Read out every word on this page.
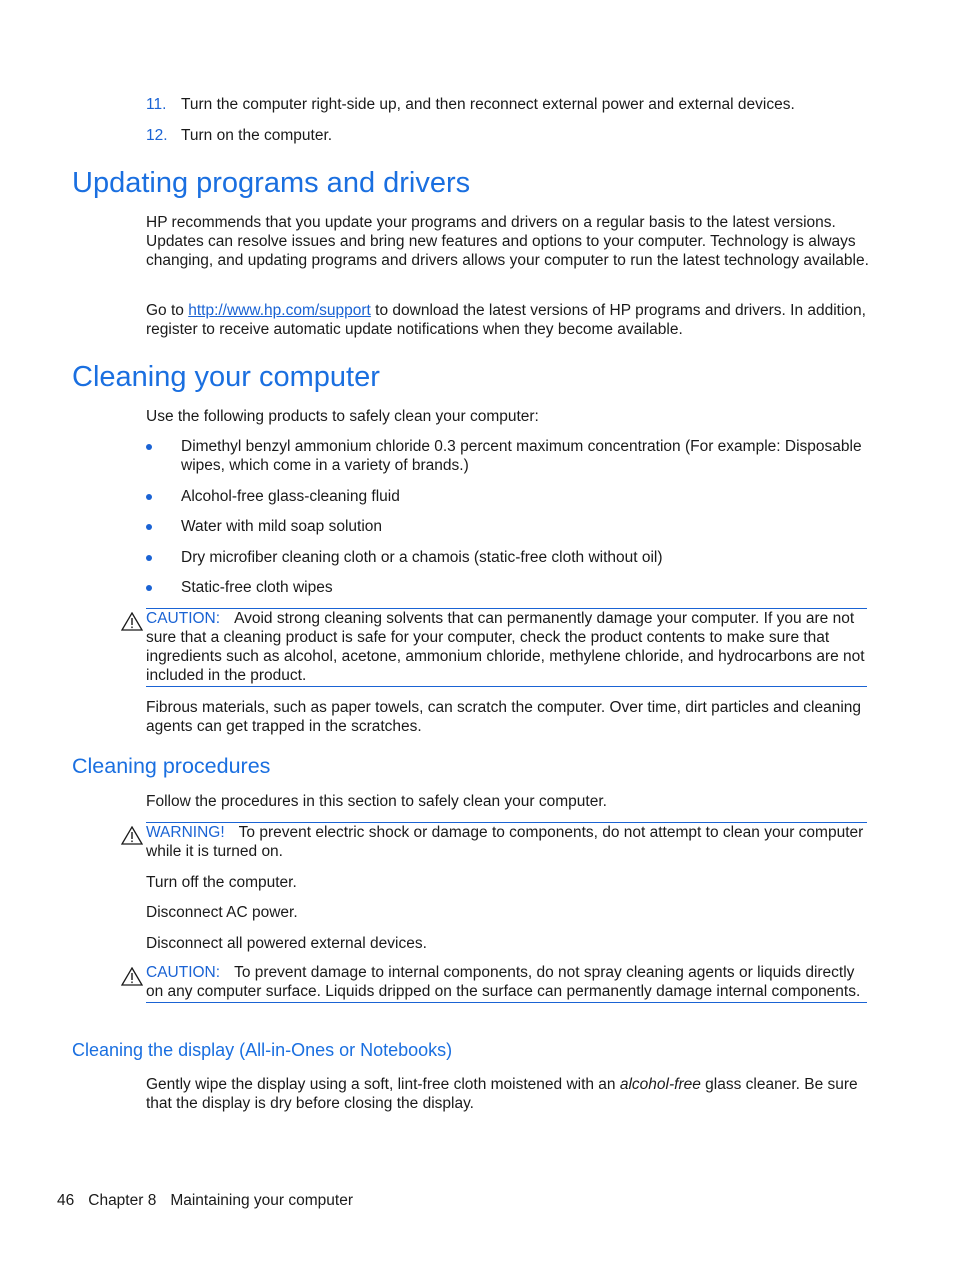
11. Turn the computer right-side up, and then reconnect external power and external devices.
12. Turn on the computer.
Updating programs and drivers

HP recommends that you update your programs and drivers on a regular basis to the latest versions. Updates can resolve issues and bring new features and options to your computer. Technology is always changing, and updating programs and drivers allows your computer to run the latest technology available.

Go to http://www.hp.com/support to download the latest versions of HP programs and drivers. In addition, register to receive automatic update notifications when they become available.

Cleaning your computer

Use the following products to safely clean your computer:

Dimethyl benzyl ammonium chloride 0.3 percent maximum concentration (For example: Disposable wipes, which come in a variety of brands.)
Alcohol-free glass-cleaning fluid
Water with mild soap solution
Dry microfiber cleaning cloth or a chamois (static-free cloth without oil)
Static-free cloth wipes
CAUTION: Avoid strong cleaning solvents that can permanently damage your computer. If you are not sure that a cleaning product is safe for your computer, check the product contents to make sure that ingredients such as alcohol, acetone, ammonium chloride, methylene chloride, and hydrocarbons are not included in the product.

Fibrous materials, such as paper towels, can scratch the computer. Over time, dirt particles and cleaning agents can get trapped in the scratches.

Cleaning procedures

Follow the procedures in this section to safely clean your computer.

WARNING! To prevent electric shock or damage to components, do not attempt to clean your computer while it is turned on.

Turn off the computer.

Disconnect AC power.

Disconnect all powered external devices.

CAUTION: To prevent damage to internal components, do not spray cleaning agents or liquids directly on any computer surface. Liquids dripped on the surface can permanently damage internal components.
Cleaning the display (All-in-Ones or Notebooks)

Gently wipe the display using a soft, lint-free cloth moistened with an alcohol-free glass cleaner. Be sure that the display is dry before closing the display.

46 Chapter 8 Maintaining your computer
